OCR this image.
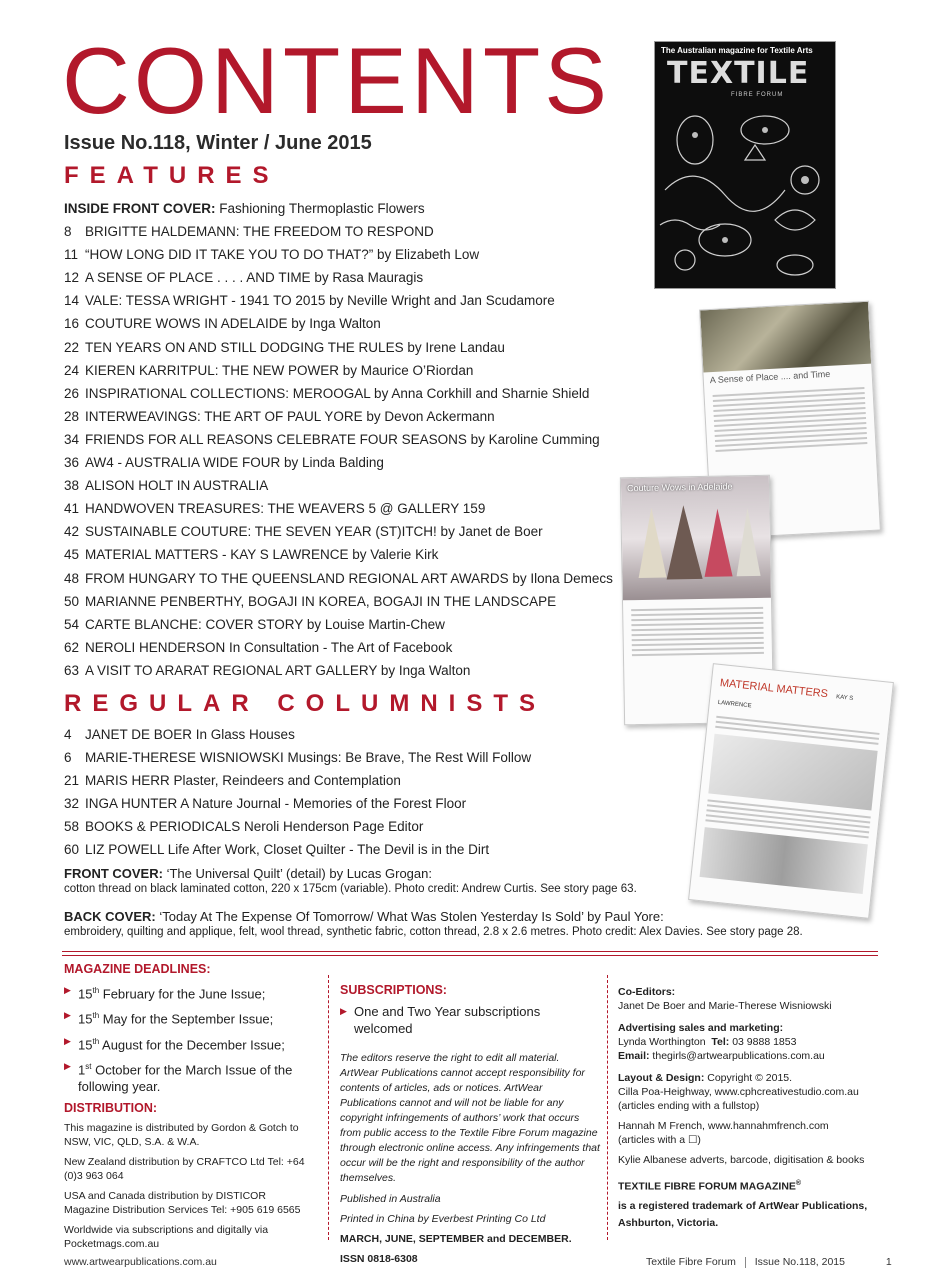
CONTENTS
Issue No.118, Winter / June 2015
FEATURES
INSIDE FRONT COVER: Fashioning Thermoplastic Flowers
8 BRIGITTE HALDEMANN: THE FREEDOM TO RESPOND
11 “HOW LONG DID IT TAKE YOU TO DO THAT?” by Elizabeth Low
12 A SENSE OF PLACE . . . . AND TIME by Rasa Mauragis
14 VALE: TESSA WRIGHT - 1941 TO 2015 by Neville Wright and Jan Scudamore
16 COUTURE WOWS IN ADELAIDE by Inga Walton
22 TEN YEARS ON AND STILL DODGING THE RULES by Irene Landau
24 KIEREN KARRITPUL: THE NEW POWER by Maurice O’Riordan
26 INSPIRATIONAL COLLECTIONS: MEROOGAL by Anna Corkhill and Sharnie Shield
28 INTERWEAVINGS: THE ART OF PAUL YORE by Devon Ackermann
34 FRIENDS FOR ALL REASONS CELEBRATE FOUR SEASONS by Karoline Cumming
36 AW4 - AUSTRALIA WIDE FOUR by Linda Balding
38 ALISON HOLT IN AUSTRALIA
41 HANDWOVEN TREASURES: THE WEAVERS 5 @ GALLERY 159
42 SUSTAINABLE COUTURE: THE SEVEN YEAR (ST)ITCH! by Janet de Boer
45 MATERIAL MATTERS - KAY S LAWRENCE by Valerie Kirk
48 FROM HUNGARY TO THE QUEENSLAND REGIONAL ART AWARDS by Ilona Demecs
50 MARIANNE PENBERTHY, BOGAJI IN KOREA, BOGAJI IN THE LANDSCAPE
54 CARTE BLANCHE: COVER STORY by Louise Martin-Chew
62 NEROLI HENDERSON In Consultation - The Art of Facebook
63 A VISIT TO ARARAT REGIONAL ART GALLERY by Inga Walton
REGULAR COLUMNISTS
4 JANET DE BOER In Glass Houses
6 MARIE-THERESE WISNIOWSKI Musings: Be Brave, The Rest Will Follow
21 MARIS HERR Plaster, Reindeers and Contemplation
32 INGA HUNTER A Nature Journal - Memories of the Forest Floor
58 BOOKS & PERIODICALS Neroli Henderson Page Editor
60 LIZ POWELL Life After Work, Closet Quilter - The Devil is in the Dirt
FRONT COVER: ‘The Universal Quilt’ (detail) by Lucas Grogan:
cotton thread on black laminated cotton, 220 x 175cm (variable). Photo credit: Andrew Curtis. See story page 63.
BACK COVER: ‘Today At The Expense Of Tomorrow/ What Was Stolen Yesterday Is Sold’ by Paul Yore:
embroidery, quilting and applique, felt, wool thread, synthetic fabric, cotton thread, 2.8 x 2.6 metres. Photo credit: Alex Davies. See story page 28.
MAGAZINE DEADLINES:
▶ 15th February for the June Issue;
▶ 15th May for the September Issue;
▶ 15th August for the December Issue;
▶ 1st October for the March Issue of the following year.
DISTRIBUTION:
This magazine is distributed by Gordon & Gotch to NSW, VIC, QLD, S.A. & W.A.
New Zealand distribution by CRAFTCO Ltd Tel: +64 (0)3 963 064
USA and Canada distribution by DISTICOR Magazine Distribution Services Tel: +905 619 6565
Worldwide via subscriptions and digitally via Pocketmags.com.au
SUBSCRIPTIONS:
▶ One and Two Year subscriptions welcomed
The editors reserve the right to edit all material. ArtWear Publications cannot accept responsibility for contents of articles, ads or notices. ArtWear Publications cannot and will not be liable for any copyright infringements of authors’ work that occurs from public access to the Textile Fibre Forum magazine through electronic online access. Any infringements that occur will be the right and responsibility of the author themselves.
Published in Australia
Printed in China by Everbest Printing Co Ltd
MARCH, JUNE, SEPTEMBER and DECEMBER.
ISSN 0818-6308
Co-Editors:
Janet De Boer and Marie-Therese Wisniowski
Advertising sales and marketing:
Lynda Worthington Tel: 03 9888 1853
Email: thegirls@artwearpublications.com.au
Layout & Design: Copyright © 2015.
Cilla Poa-Heighway, www.cphcreativestudio.com.au
(articles ending with a fullstop)
Hannah M French, www.hannahmfrench.com
(articles with a ☐)
Kylie Albanese adverts, barcode, digitisation & books
TEXTILE FIBRE FORUM MAGAZINE®
is a registered trademark of ArtWear Publications, Ashburton, Victoria.
www.artwearpublications.com.au	Textile Fibre Forum Issue No.118, 2015	1
The Australian magazine for Textile Arts
TEXTILE
FIBRE FORUM
A Sense of Place .... and Time
Couture Wows in Adelaide
MATERIAL MATTERS KAY S LAWRENCE
